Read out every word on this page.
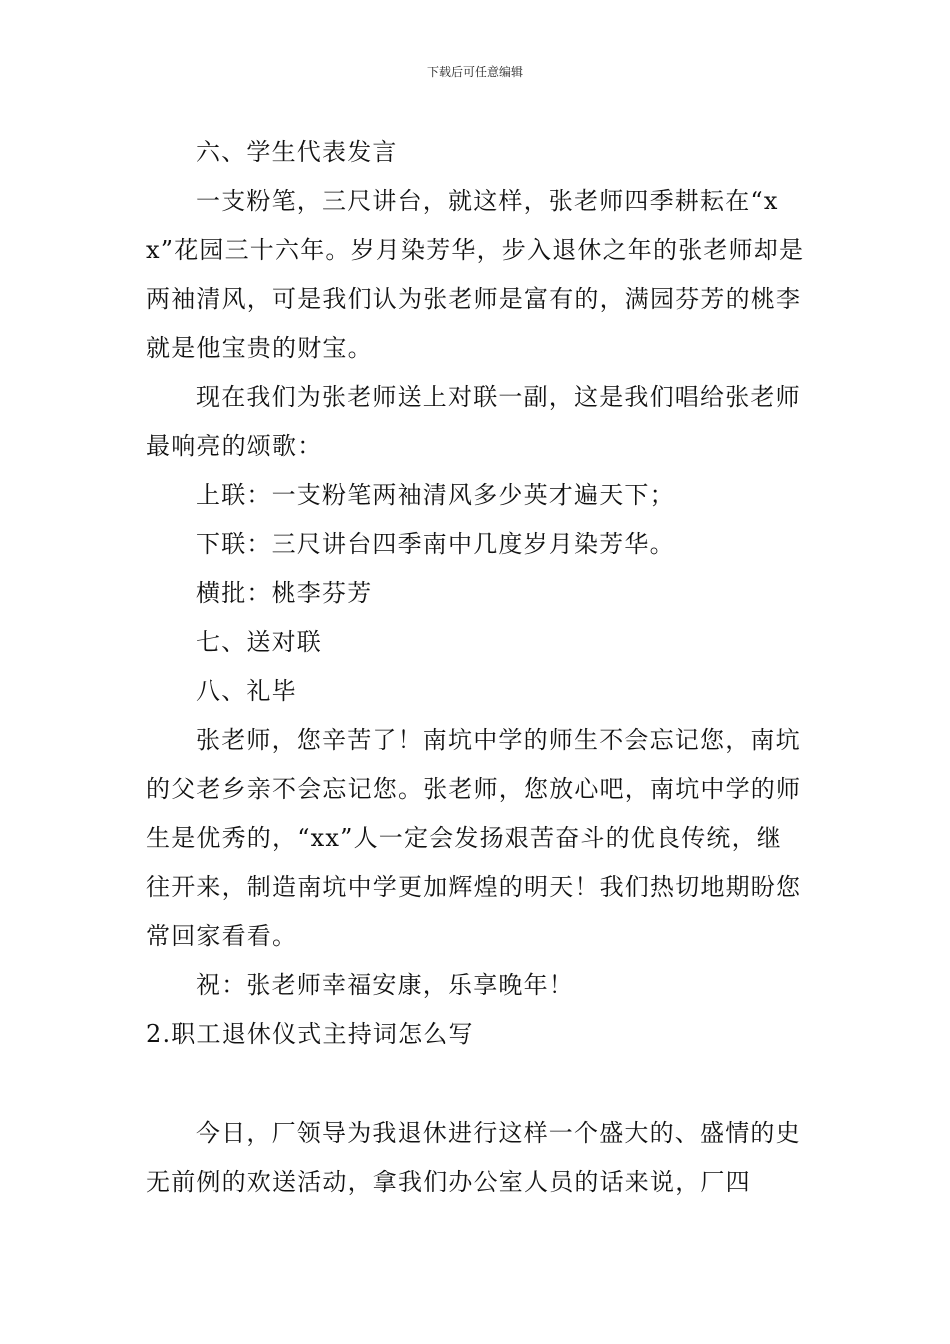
下载后可任意编辑

六、学生代表发言

一支粉笔，三尺讲台，就这样，张老师四季耕耘在“xx”花园三十六年。岁月染芳华，步入退休之年的张老师却是两袖清风，可是我们认为张老师是富有的，满园芬芳的桃李就是他宝贵的财宝。

现在我们为张老师送上对联一副，这是我们唱给张老师最响亮的颂歌：

上联：一支粉笔两袖清风多少英才遍天下；

下联：三尺讲台四季南中几度岁月染芳华。

横批：桃李芬芳

七、送对联

八、礼毕

张老师，您辛苦了！南坑中学的师生不会忘记您，南坑的父老乡亲不会忘记您。张老师，您放心吧，南坑中学的师生是优秀的，“xx”人一定会发扬艰苦奋斗的优良传统，继往开来，制造南坑中学更加辉煌的明天！我们热切地期盼您常回家看看。

祝：张老师幸福安康，乐享晚年！

2.职工退休仪式主持词怎么写

今日，厂领导为我退休进行这样一个盛大的、盛情的史无前例的欢送活动，拿我们办公室人员的话来说，厂四
